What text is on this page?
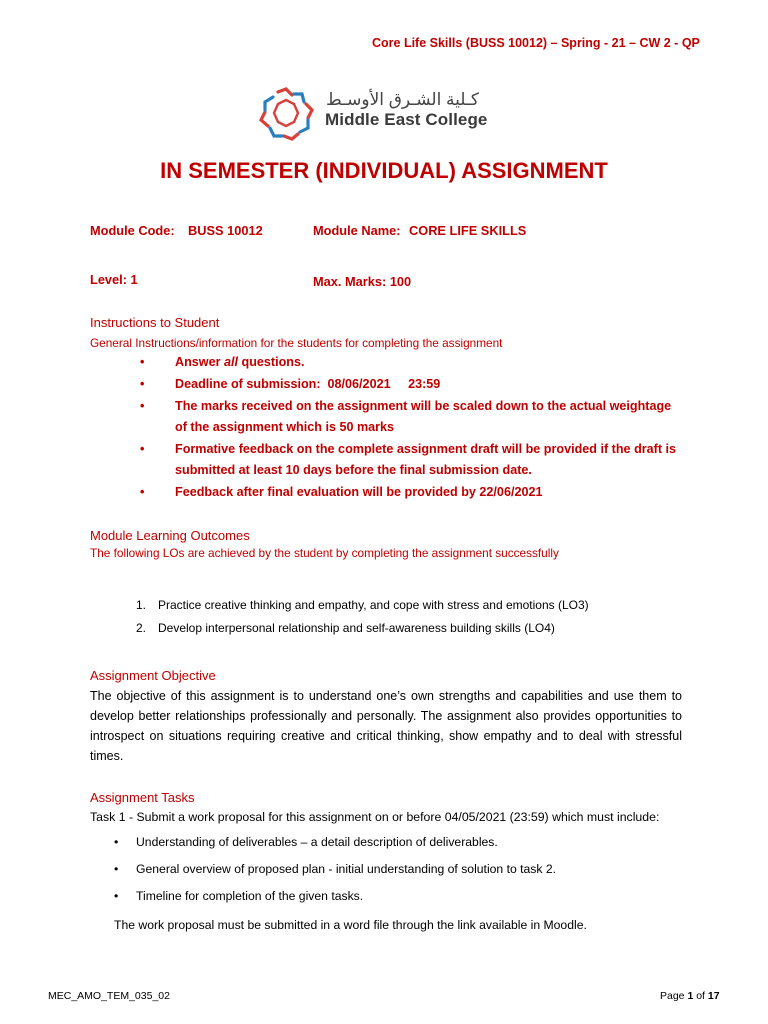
Core Life Skills (BUSS 10012) – Spring - 21 – CW 2 - QP
كـلية الشـرق الأوسـط
Middle East College
IN SEMESTER (INDIVIDUAL) ASSIGNMENT
Module Code: BUSS 10012	Module Name: CORE LIFE SKILLS
Level: 1	Max. Marks: 100
Instructions to Student
General Instructions/information for the students for completing the assignment
• Answer all questions.
• Deadline of submission:  08/06/2021     23:59
• The marks received on the assignment will be scaled down to the actual weightage of the assignment which is 50 marks
• Formative feedback on the complete assignment draft will be provided if the draft is submitted at least 10 days before the final submission date.
• Feedback after final evaluation will be provided by 22/06/2021
Module Learning Outcomes
The following LOs are achieved by the student by completing the assignment successfully
1. Practice creative thinking and empathy, and cope with stress and emotions (LO3)
2. Develop interpersonal relationship and self-awareness building skills (LO4)
Assignment Objective
The objective of this assignment is to understand one’s own strengths and capabilities and use them to develop better relationships professionally and personally. The assignment also provides opportunities to introspect on situations requiring creative and critical thinking, show empathy and to deal with stressful times.
Assignment Tasks
Task 1 - Submit a work proposal for this assignment on or before 04/05/2021 (23:59) which must include:
• Understanding of deliverables – a detail description of deliverables.
• General overview of proposed plan - initial understanding of solution to task 2.
• Timeline for completion of the given tasks.
The work proposal must be submitted in a word file through the link available in Moodle.
MEC_AMO_TEM_035_02	Page 1 of 17
